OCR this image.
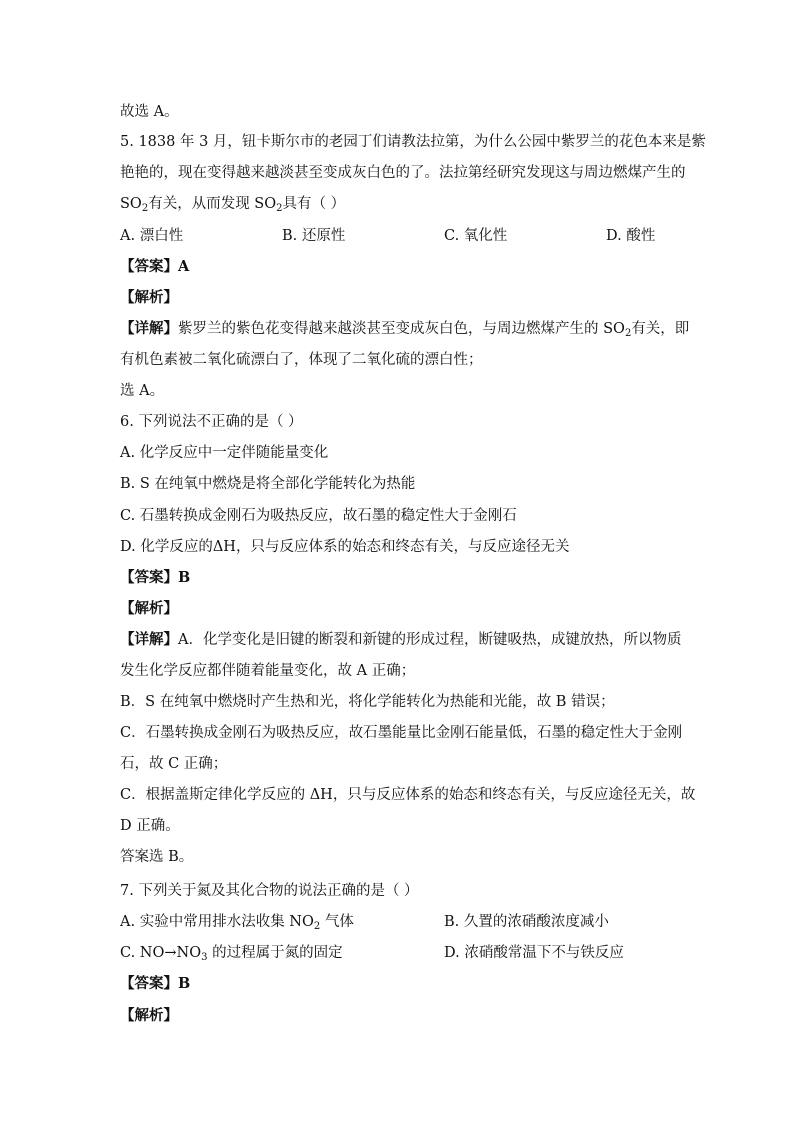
故选 A。
5. 1838 年 3 月，钮卡斯尔市的老园丁们请教法拉第，为什么公园中紫罗兰的花色本来是紫
艳艳的，现在变得越来越淡甚至变成灰白色的了。法拉第经研究发现这与周边燃煤产生的
$SO_2$有关，从而发现 $SO_2$具有（ ）
A. 漂白性	B. 还原性	C. 氧化性	D. 酸性
【答案】A
【解析】
【详解】紫罗兰的紫色花变得越来越淡甚至变成灰白色，与周边燃煤产生的 $SO_2$有关，即
有机色素被二氧化硫漂白了，体现了二氧化硫的漂白性；
选 A。
6. 下列说法不正确的是（ ）
A. 化学反应中一定伴随能量变化
B. S 在纯氧中燃烧是将全部化学能转化为热能
C. 石墨转换成金刚石为吸热反应，故石墨的稳定性大于金刚石
D. 化学反应的ΔH，只与反应体系的始态和终态有关，与反应途径无关
【答案】B
【解析】
【详解】A．化学变化是旧键的断裂和新键的形成过程，断键吸热，成键放热，所以物质
发生化学反应都伴随着能量变化，故 A 正确；
B．S 在纯氧中燃烧时产生热和光，将化学能转化为热能和光能，故 B 错误；
C．石墨转换成金刚石为吸热反应，故石墨能量比金刚石能量低，石墨的稳定性大于金刚
石，故 C 正确；
C．根据盖斯定律化学反应的 ΔH，只与反应体系的始态和终态有关，与反应途径无关，故
D 正确。
答案选 B。
7. 下列关于氮及其化合物的说法正确的是（ ）
A. 实验中常用排水法收集 $NO_2$ 气体	B. 久置的浓硝酸浓度减小
C. $NO\to NO_3$ 的过程属于氮的固定	D. 浓硝酸常温下不与铁反应
【答案】B
【解析】
